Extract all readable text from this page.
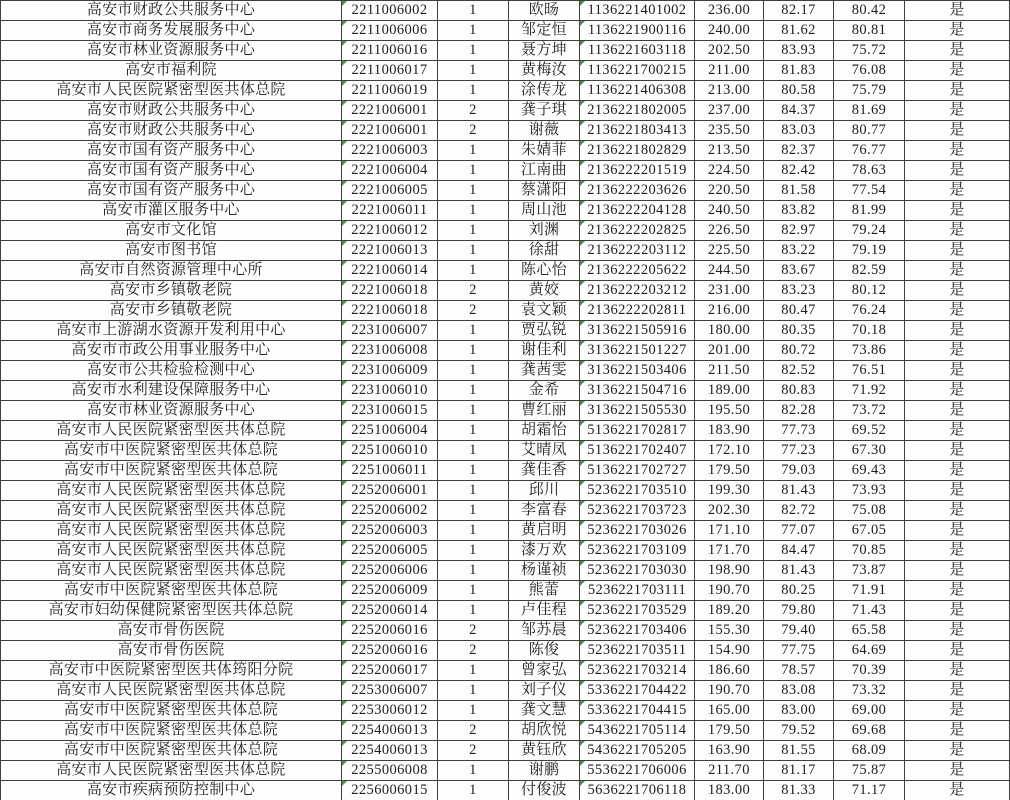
高安市财政公共服务中心	2211006002	1	欧旸	1136221401002	236.00	82.17	80.42	是
高安市商务发展服务中心	2211006006	1	邹定恒	1136221900116	240.00	81.62	80.81	是
高安市林业资源服务中心	2211006016	1	聂方坤	1136221603118	202.50	83.93	75.72	是
高安市福利院	2211006017	1	黄梅汝	1136221700215	211.00	81.83	76.08	是
高安市人民医院紧密型医共体总院	2211006019	1	涂传龙	1136221406308	213.00	80.58	75.79	是
高安市财政公共服务中心	2221006001	2	龚子琪	2136221802005	237.00	84.37	81.69	是
高安市财政公共服务中心	2221006001	2	谢薇	2136221803413	235.50	83.03	80.77	是
高安市国有资产服务中心	2221006003	1	朱婧菲	2136221802829	213.50	82.37	76.77	是
高安市国有资产服务中心	2221006004	1	江南曲	2136222201519	224.50	82.42	78.63	是
高安市国有资产服务中心	2221006005	1	蔡潇阳	2136222203626	220.50	81.58	77.54	是
高安市灌区服务中心	2221006011	1	周山池	2136222204128	240.50	83.82	81.99	是
高安市文化馆	2221006012	1	刘渊	2136222202825	226.50	82.97	79.24	是
高安市图书馆	2221006013	1	徐甜	2136222203112	225.50	83.22	79.19	是
高安市自然资源管理中心所	2221006014	1	陈心怡	2136222205622	244.50	83.67	82.59	是
高安市乡镇敬老院	2221006018	2	黄姣	2136222203212	231.00	83.23	80.12	是
高安市乡镇敬老院	2221006018	2	袁文颖	2136222202811	216.00	80.47	76.24	是
高安市上游湖水资源开发利用中心	2231006007	1	贾弘锐	3136221505916	180.00	80.35	70.18	是
高安市市政公用事业服务中心	2231006008	1	谢佳利	3136221501227	201.00	80.72	73.86	是
高安市公共检验检测中心	2231006009	1	龚茜雯	3136221503406	211.50	82.52	76.51	是
高安市水利建设保障服务中心	2231006010	1	金希	3136221504716	189.00	80.83	71.92	是
高安市林业资源服务中心	2231006015	1	曹红丽	3136221505530	195.50	82.28	73.72	是
高安市人民医院紧密型医共体总院	2251006004	1	胡霜怡	5136221702817	183.90	77.73	69.52	是
高安市中医院紧密型医共体总院	2251006010	1	艾晴凤	5136221702407	172.10	77.23	67.30	是
高安市中医院紧密型医共体总院	2251006011	1	龚佳香	5136221702727	179.50	79.03	69.43	是
高安市人民医院紧密型医共体总院	2252006001	1	邱川	5236221703510	199.30	81.43	73.93	是
高安市人民医院紧密型医共体总院	2252006002	1	李富春	5236221703723	202.30	82.72	75.08	是
高安市人民医院紧密型医共体总院	2252006003	1	黄启明	5236221703026	171.10	77.07	67.05	是
高安市人民医院紧密型医共体总院	2252006005	1	漆万欢	5236221703109	171.70	84.47	70.85	是
高安市人民医院紧密型医共体总院	2252006006	1	杨谨祯	5236221703030	198.90	81.43	73.87	是
高安市中医院紧密型医共体总院	2252006009	1	熊蕾	5236221703111	190.70	80.25	71.91	是
高安市妇幼保健院紧密型医共体总院	2252006014	1	卢佳程	5236221703529	189.20	79.80	71.43	是
高安市骨伤医院	2252006016	2	邹苏晨	5236221703406	155.30	79.40	65.58	是
高安市骨伤医院	2252006016	2	陈俊	5236221703511	154.90	77.75	64.69	是
高安市中医院紧密型医共体筠阳分院	2252006017	1	曾家弘	5236221703214	186.60	78.57	70.39	是
高安市人民医院紧密型医共体总院	2253006007	1	刘子仪	5336221704422	190.70	83.08	73.32	是
高安市中医院紧密型医共体总院	2253006012	1	龚文慧	5336221704415	165.00	83.00	69.00	是
高安市中医院紧密型医共体总院	2254006013	2	胡欣悦	5436221705114	179.50	79.52	69.68	是
高安市中医院紧密型医共体总院	2254006013	2	黄钰欣	5436221705205	163.90	81.55	68.09	是
高安市人民医院紧密型医共体总院	2255006008	1	谢鹏	5536221706006	211.70	81.17	75.87	是
高安市疾病预防控制中心	2256006015	1	付俊波	5636221706118	183.00	81.33	71.17	是
